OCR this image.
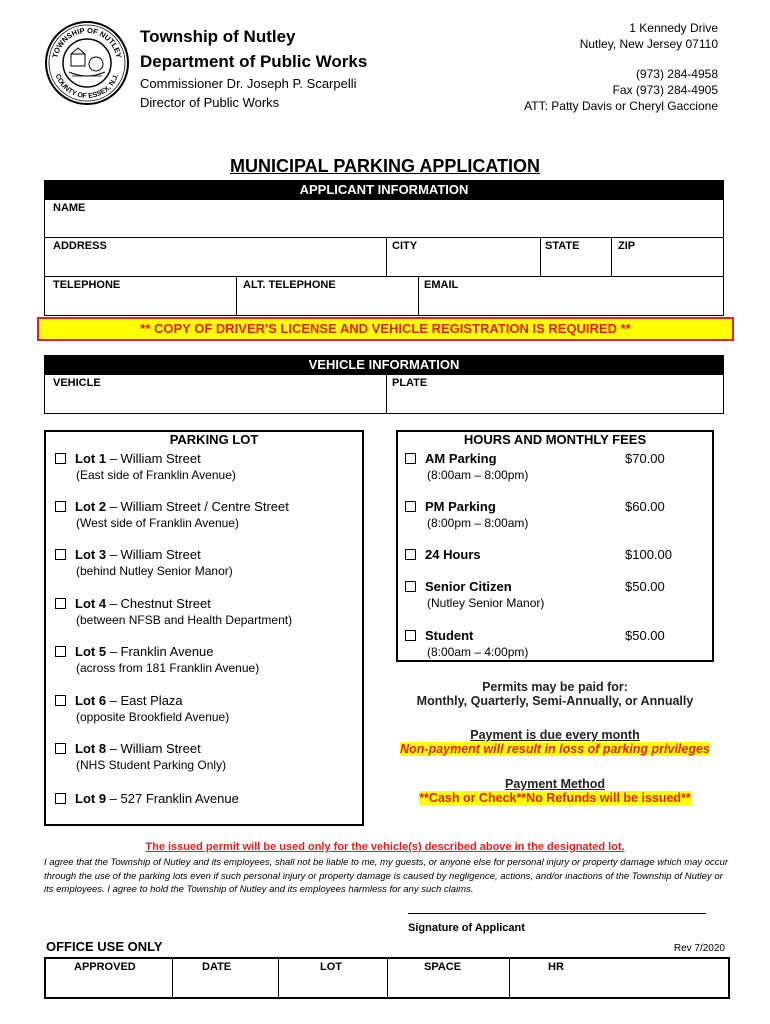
TOWNSHIP OF NUTLEY
COUNTY OF ESSEX, N.J.
Township of Nutley
Department of Public Works
Commissioner Dr. Joseph P. Scarpelli
Director of Public Works
1 Kennedy Drive
Nutley, New Jersey 07110
(973) 284-4958
Fax (973) 284-4905
ATT: Patty Davis or Cheryl Gaccione
MUNICIPAL PARKING APPLICATION
APPLICANT INFORMATION
NAME
ADDRESS	CITY	STATE	ZIP
TELEPHONE	ALT. TELEPHONE	EMAIL
** COPY OF DRIVER'S LICENSE AND VEHICLE REGISTRATION IS REQUIRED **
VEHICLE INFORMATION
VEHICLE	PLATE
PARKING LOT
Lot 1 – William Street
(East side of Franklin Avenue)
Lot 2 – William Street / Centre Street
(West side of Franklin Avenue)
Lot 3 – William Street
(behind Nutley Senior Manor)
Lot 4 – Chestnut Street
(between NFSB and Health Department)
Lot 5 – Franklin Avenue
(across from 181 Franklin Avenue)
Lot 6 – East Plaza
(opposite Brookfield Avenue)
Lot 8 – William Street
(NHS Student Parking Only)
Lot 9 – 527 Franklin Avenue
HOURS AND MONTHLY FEES
AM Parking	$70.00
(8:00am – 8:00pm)
PM Parking	$60.00
(8:00pm – 8:00am)
24 Hours	$100.00
Senior Citizen	$50.00
(Nutley Senior Manor)
Student	$50.00
(8:00am – 4:00pm)
Permits may be paid for:
Monthly, Quarterly, Semi-Annually, or Annually
Payment is due every month
Non-payment will result in loss of parking privileges
Payment Method
**Cash or Check**No Refunds will be issued**
The issued permit will be used only for the vehicle(s) described above in the designated lot.
I agree that the Township of Nutley and its employees, shall not be liable to me, my guests, or anyone else for personal injury or property damage which may occur through the use of the parking lots even if such personal injury or property damage is caused by negligence, actions, and/or inactions of the Township of Nutley or its employees. I agree to hold the Township of Nutley and its employees harmless for any such claims.
Signature of Applicant
OFFICE USE ONLY	Rev 7/2020
APPROVED	DATE	LOT	SPACE	HR
